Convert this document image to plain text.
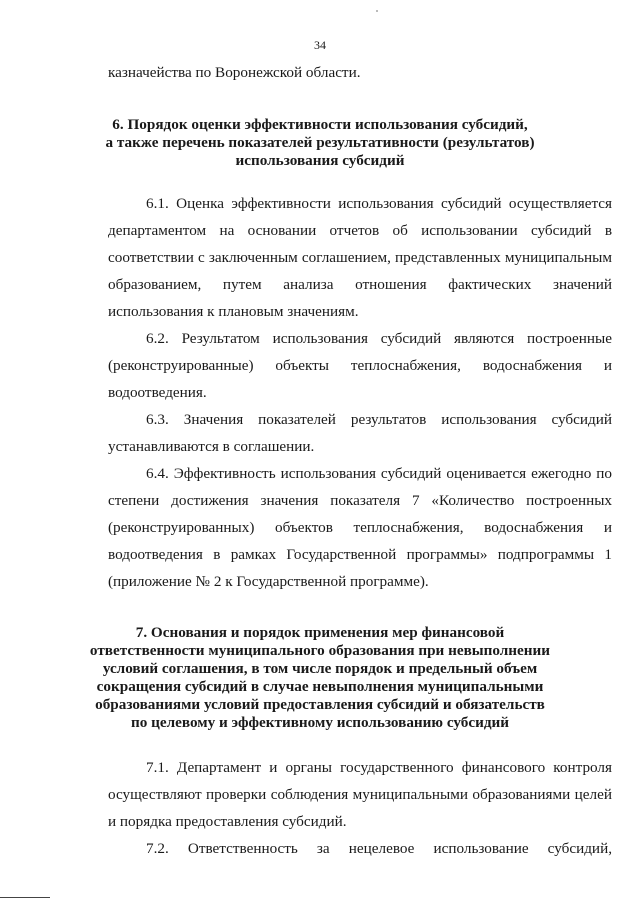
34
казначейства по Воронежской области.
6. Порядок оценки эффективности использования субсидий,
а также перечень показателей результативности (результатов)
использования субсидий
6.1. Оценка эффективности использования субсидий осуществляется
департаментом на основании отчетов об использовании субсидий в
соответствии с заключенным соглашением, представленных муниципальным
образованием, путем анализа отношения фактических значений
использования к плановым значениям.
6.2. Результатом использования субсидий являются построенные
(реконструированные) объекты теплоснабжения, водоснабжения и
водоотведения.
6.3. Значения показателей результатов использования субсидий
устанавливаются в соглашении.
6.4. Эффективность использования субсидий оценивается ежегодно по
степени достижения значения показателя 7 «Количество построенных
(реконструированных) объектов теплоснабжения, водоснабжения и
водоотведения в рамках Государственной программы» подпрограммы 1
(приложение № 2 к Государственной программе).
7. Основания и порядок применения мер финансовой
ответственности муниципального образования при невыполнении
условий соглашения, в том числе порядок и предельный объем
сокращения субсидий в случае невыполнения муниципальными
образованиями условий предоставления субсидий и обязательств
по целевому и эффективному использованию субсидий
7.1. Департамент и органы государственного финансового контроля
осуществляют проверки соблюдения муниципальными образованиями целей
и порядка предоставления субсидий.
7.2. Ответственность за нецелевое использование субсидий,
